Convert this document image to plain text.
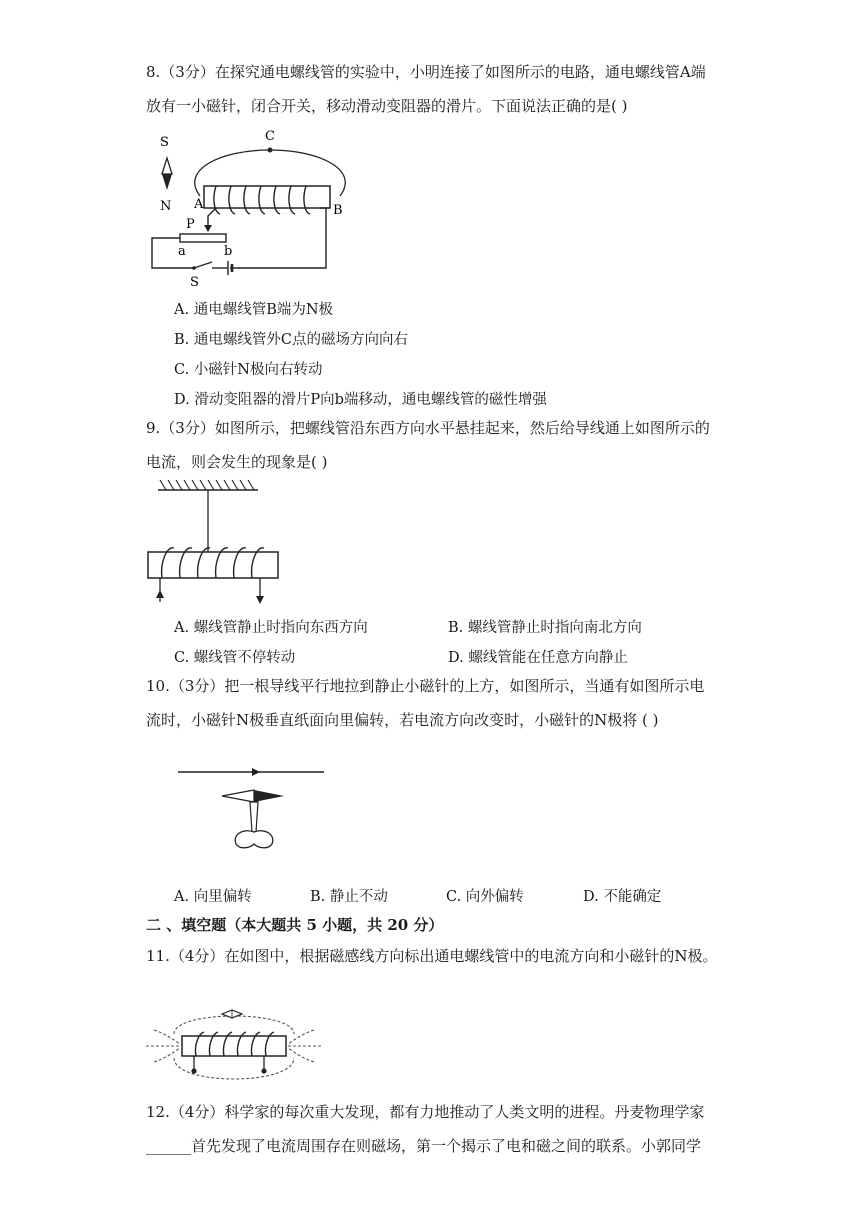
8.（3分）在探究通电螺线管的实验中，小明连接了如图所示的电路，通电螺线管A端
放有一小磁针，闭合开关，移动滑动变阻器的滑片。下面说法正确的是( )
S
N
C
A	B
P
a	b
S
A. 通电螺线管B端为N极
B. 通电螺线管外C点的磁场方向向右
C. 小磁针N极向右转动
D. 滑动变阻器的滑片P向b端移动，通电螺线管的磁性增强
9.（3分）如图所示，把螺线管沿东西方向水平悬挂起来，然后给导线通上如图所示的
电流，则会发生的现象是( )
A. 螺线管静止时指向东西方向	B. 螺线管静止时指向南北方向
C. 螺线管不停转动	D. 螺线管能在任意方向静止
10.（3分）把一根导线平行地拉到静止小磁针的上方，如图所示，当通有如图所示电
流时，小磁针N极垂直纸面向里偏转，若电流方向改变时，小磁针的N极将 ( )
A. 向里偏转	B. 静止不动	C. 向外偏转	D. 不能确定
二 、填空题（本大题共 5 小题，共 20 分）
11.（4分）在如图中，根据磁感线方向标出通电螺线管中的电流方向和小磁针的N极。
12.（4分）科学家的每次重大发现，都有力地推动了人类文明的进程。丹麦物理学家
______首先发现了电流周围存在则磁场，第一个揭示了电和磁之间的联系。小郭同学
